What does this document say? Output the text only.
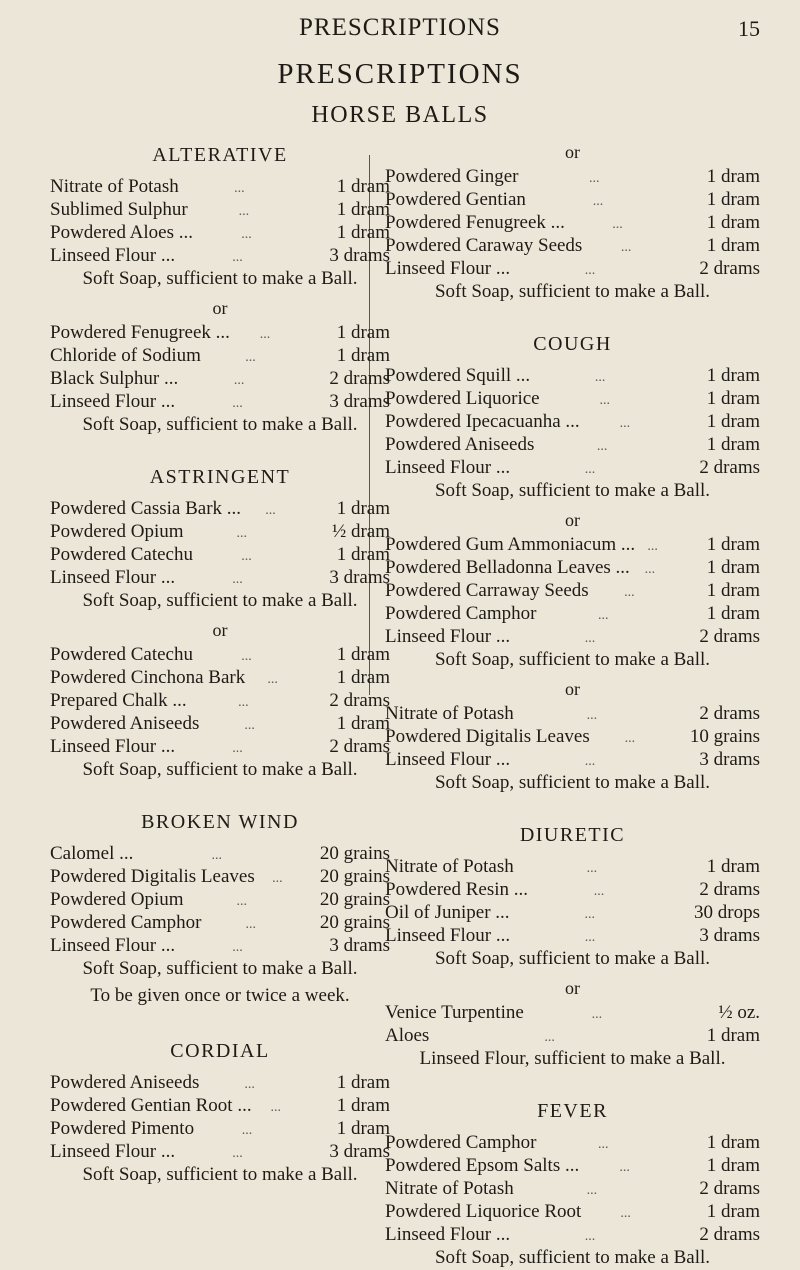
PRESCRIPTIONS	15
PRESCRIPTIONS
HORSE BALLS
ALTERATIVE
Nitrate of Potash	...	1 dram
Sublimed Sulphur	...	1 dram
Powdered Aloes ...	...	1 dram
Linseed Flour ...	...	3 drams
Soft Soap, sufficient to make a Ball.
or
Powdered Fenugreek ...	...	1 dram
Chloride of Sodium	...	1 dram
Black Sulphur ...	...	2 drams
Linseed Flour ...	...	3 drams
Soft Soap, sufficient to make a Ball.
ASTRINGENT
Powdered Cassia Bark ...	...	1 dram
Powdered Opium	...	½ dram
Powdered Catechu	...	1 dram
Linseed Flour ...	...	3 drams
Soft Soap, sufficient to make a Ball.
or
Powdered Catechu	...	1 dram
Powdered Cinchona Bark	...	1 dram
Prepared Chalk ...	...	2 drams
Powdered Aniseeds	...	1 dram
Linseed Flour ...	...	2 drams
Soft Soap, sufficient to make a Ball.
BROKEN WIND
Calomel ...	...	20 grains
Powdered Digitalis Leaves	...	20 grains
Powdered Opium	...	20 grains
Powdered Camphor	...	20 grains
Linseed Flour ...	...	3 drams
Soft Soap, sufficient to make a Ball.
To be given once or twice a week.
CORDIAL
Powdered Aniseeds	...	1 dram
Powdered Gentian Root ...	...	1 dram
Powdered Pimento	...	1 dram
Linseed Flour ...	...	3 drams
Soft Soap, sufficient to make a Ball.
or
Powdered Ginger	...	1 dram
Powdered Gentian	...	1 dram
Powdered Fenugreek ...	...	1 dram
Powdered Caraway Seeds	...	1 dram
Linseed Flour ...	...	2 drams
Soft Soap, sufficient to make a Ball.
COUGH
Powdered Squill ...	...	1 dram
Powdered Liquorice	...	1 dram
Powdered Ipecacuanha ...	...	1 dram
Powdered Aniseeds	...	1 dram
Linseed Flour ...	...	2 drams
Soft Soap, sufficient to make a Ball.
or
Powdered Gum Ammoniacum ... ...	1 dram
Powdered Belladonna Leaves ...	...	1 dram
Powdered Carraway Seeds	...	1 dram
Powdered Camphor	...	1 dram
Linseed Flour ...	...	2 drams
Soft Soap, sufficient to make a Ball.
or
Nitrate of Potash	...	2 drams
Powdered Digitalis Leaves	...	10 grains
Linseed Flour ...	...	3 drams
Soft Soap, sufficient to make a Ball.
DIURETIC
Nitrate of Potash	...	1 dram
Powdered Resin ...	...	2 drams
Oil of Juniper ...	...	30 drops
Linseed Flour ...	...	3 drams
Soft Soap, sufficient to make a Ball.
or
Venice Turpentine	...	½ oz.
Aloes	...	1 dram
Linseed Flour, sufficient to make a Ball.
FEVER
Powdered Camphor	...	1 dram
Powdered Epsom Salts ...	...	1 dram
Nitrate of Potash	...	2 drams
Powdered Liquorice Root	...	1 dram
Linseed Flour ...	...	2 drams
Soft Soap, sufficient to make a Ball.
